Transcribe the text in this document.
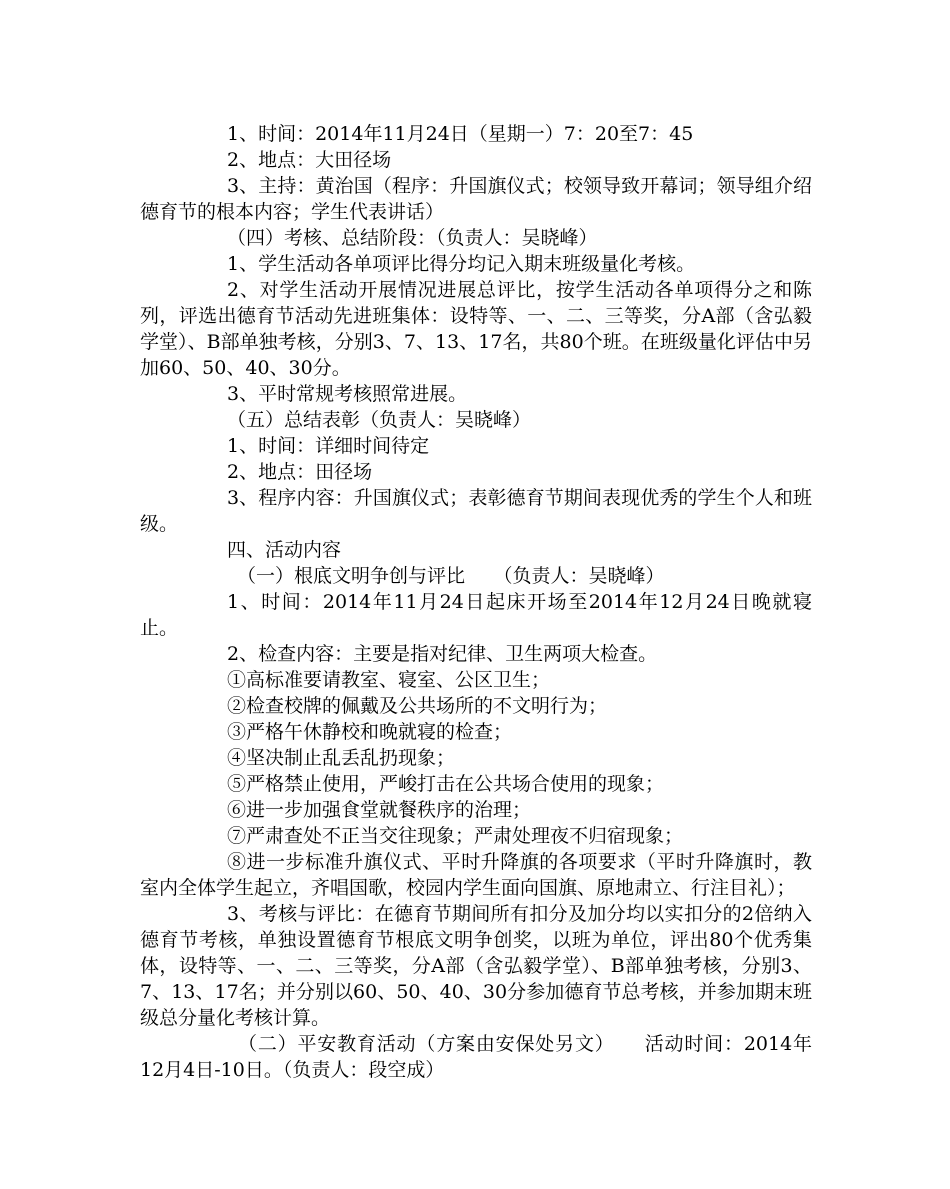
1、时间：2014年11月24日（星期一）7：20至7：45

2、地点：大田径场

3、主持：黄治国（程序：升国旗仪式；校领导致开幕词；领导组介绍德育节的根本内容；学生代表讲话）

（四）考核、总结阶段：（负责人：吴晓峰）

1、学生活动各单项评比得分均记入期末班级量化考核。

2、对学生活动开展情况进展总评比，按学生活动各单项得分之和陈列，评选出德育节活动先进班集体：设特等、一、二、三等奖，分A部（含弘毅学堂）、B部单独考核，分别3、7、13、17名，共80个班。在班级量化评估中另加60、50、40、30分。

3、平时常规考核照常进展。

（五）总结表彰（负责人：吴晓峰）

1、时间：详细时间待定

2、地点：田径场

3、程序内容：升国旗仪式；表彰德育节期间表现优秀的学生个人和班级。

四、活动内容

（一）根底文明争创与评比　　（负责人：吴晓峰）

1、时间：2014年11月24日起床开场至2014年12月24日晚就寝止。

2、检查内容：主要是指对纪律、卫生两项大检查。

①高标准要请教室、寝室、公区卫生；

②检查校牌的佩戴及公共场所的不文明行为；

③严格午休静校和晚就寝的检查；

④坚决制止乱丢乱扔现象；

⑤严格禁止使用，严峻打击在公共场合使用的现象；

⑥进一步加强食堂就餐秩序的治理；

⑦严肃查处不正当交往现象；严肃处理夜不归宿现象；

⑧进一步标准升旗仪式、平时升降旗的各项要求（平时升降旗时，教室内全体学生起立，齐唱国歌，校园内学生面向国旗、原地肃立、行注目礼）；

3、考核与评比：在德育节期间所有扣分及加分均以实扣分的2倍纳入德育节考核，单独设置德育节根底文明争创奖，以班为单位，评出80个优秀集体，设特等、一、二、三等奖，分A部（含弘毅学堂）、B部单独考核，分别3、7、13、17名；并分别以60、50、40、30分参加德育节总考核，并参加期末班级总分量化考核计算。

（二）平安教育活动（方案由安保处另文）　　活动时间：2014年12月4日-10日。（负责人：段空成）
